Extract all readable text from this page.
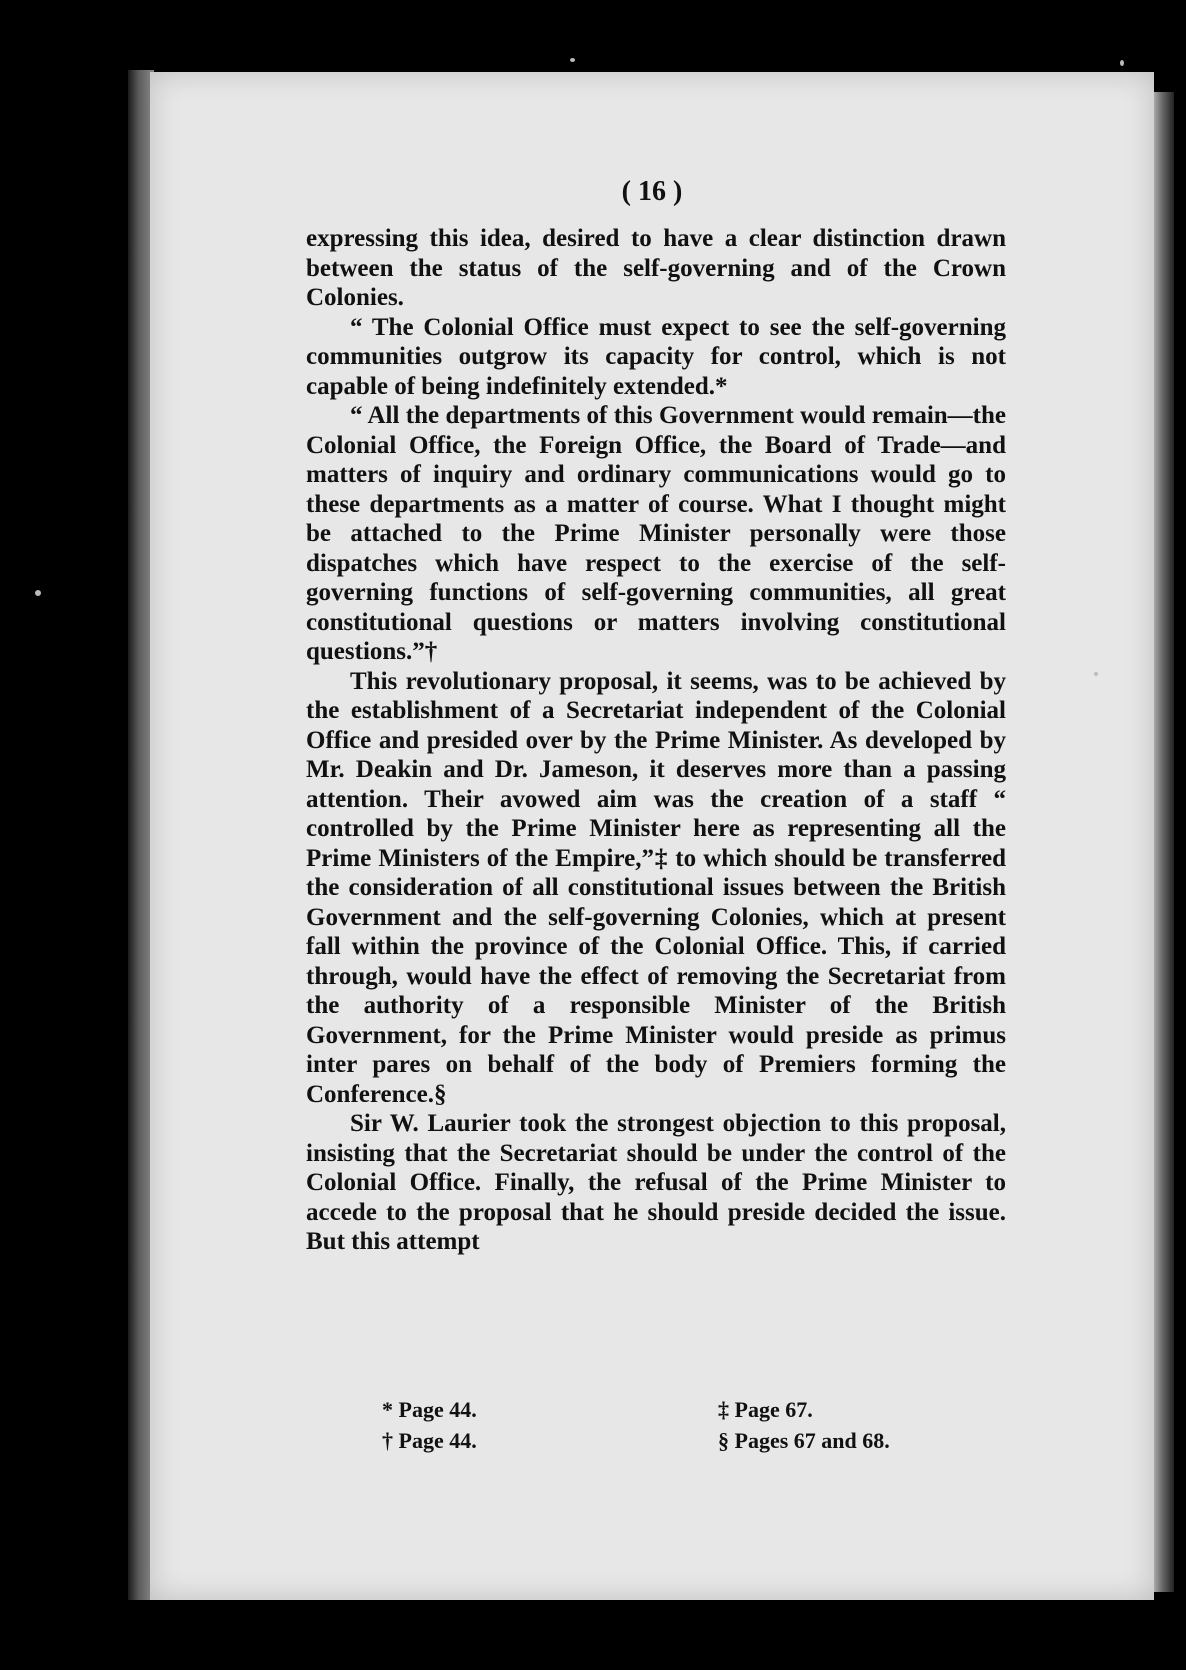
( 16 )

expressing this idea, desired to have a clear distinction drawn between the status of the self-governing and of the Crown Colonies.

“ The Colonial Office must expect to see the self-governing communities outgrow its capacity for control, which is not capable of being indefinitely extended.*

“ All the departments of this Government would remain—the Colonial Office, the Foreign Office, the Board of Trade—and matters of inquiry and ordinary communications would go to these departments as a matter of course. What I thought might be attached to the Prime Minister personally were those dispatches which have respect to the exercise of the self-governing functions of self-governing communities, all great constitutional questions or matters involving constitutional questions.”†

This revolutionary proposal, it seems, was to be achieved by the establishment of a Secretariat independent of the Colonial Office and presided over by the Prime Minister. As developed by Mr. Deakin and Dr. Jameson, it deserves more than a passing attention. Their avowed aim was the creation of a staff “ controlled by the Prime Minister here as representing all the Prime Ministers of the Empire,”‡ to which should be transferred the consideration of all constitutional issues between the British Government and the self-governing Colonies, which at present fall within the province of the Colonial Office. This, if carried through, would have the effect of removing the Secretariat from the authority of a responsible Minister of the British Government, for the Prime Minister would preside as primus inter pares on behalf of the body of Premiers forming the Conference.§

Sir W. Laurier took the strongest objection to this proposal, insisting that the Secretariat should be under the control of the Colonial Office. Finally, the refusal of the Prime Minister to accede to the proposal that he should preside decided the issue. But this attempt

* Page 44.
† Page 44.
‡ Page 67.
§ Pages 67 and 68.
